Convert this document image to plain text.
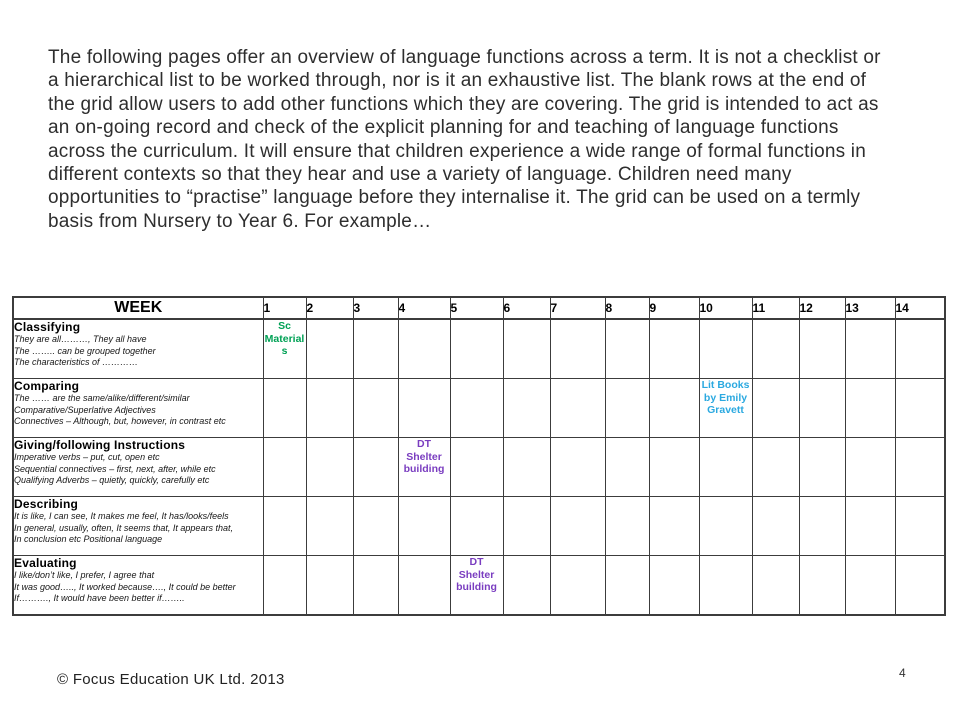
The following pages offer an overview of language functions across a term. It is not a checklist or a hierarchical list to be worked through, nor is it an exhaustive list. The blank rows at the end of the grid allow users to add other functions which they are covering. The grid is intended to act as an on-going record and check of the explicit planning for and teaching of language functions across the curriculum. It will ensure that children experience a wide range of formal functions in different contexts so that they hear and use a variety of language. Children need many opportunities to “practise” language before they internalise it. The grid can be used on a termly basis from Nursery to Year 6. For example…

WEEK	1	2	3	4	5	6	7	8	9	10	11	12	13	14

Classifying
They are all………, They all have
The …….. can be grouped together
The characteristics of …………	Sc Materials													

Comparing
The …… are the same/alike/different/similar
Comparative/Superlative Adjectives
Connectives – Although, but, however, in contrast etc										Lit Books by Emily Gravett				

Giving/following Instructions
Imperative verbs – put, cut, open etc
Sequential connectives – first, next, after, while etc
Qualifying Adverbs – quietly, quickly, carefully etc				DT Shelter building										

Describing
It is like, I can see, It makes me feel, It has/looks/feels
In general, usually, often, It seems that, It appears that,
In conclusion etc Positional language														

Evaluating
I like/don’t like, I prefer, I agree that
It was good….., It worked because…., It could be better
If………., It would have been better if……..					DT Shelter building									
© Focus Education UK Ltd. 2013	4
